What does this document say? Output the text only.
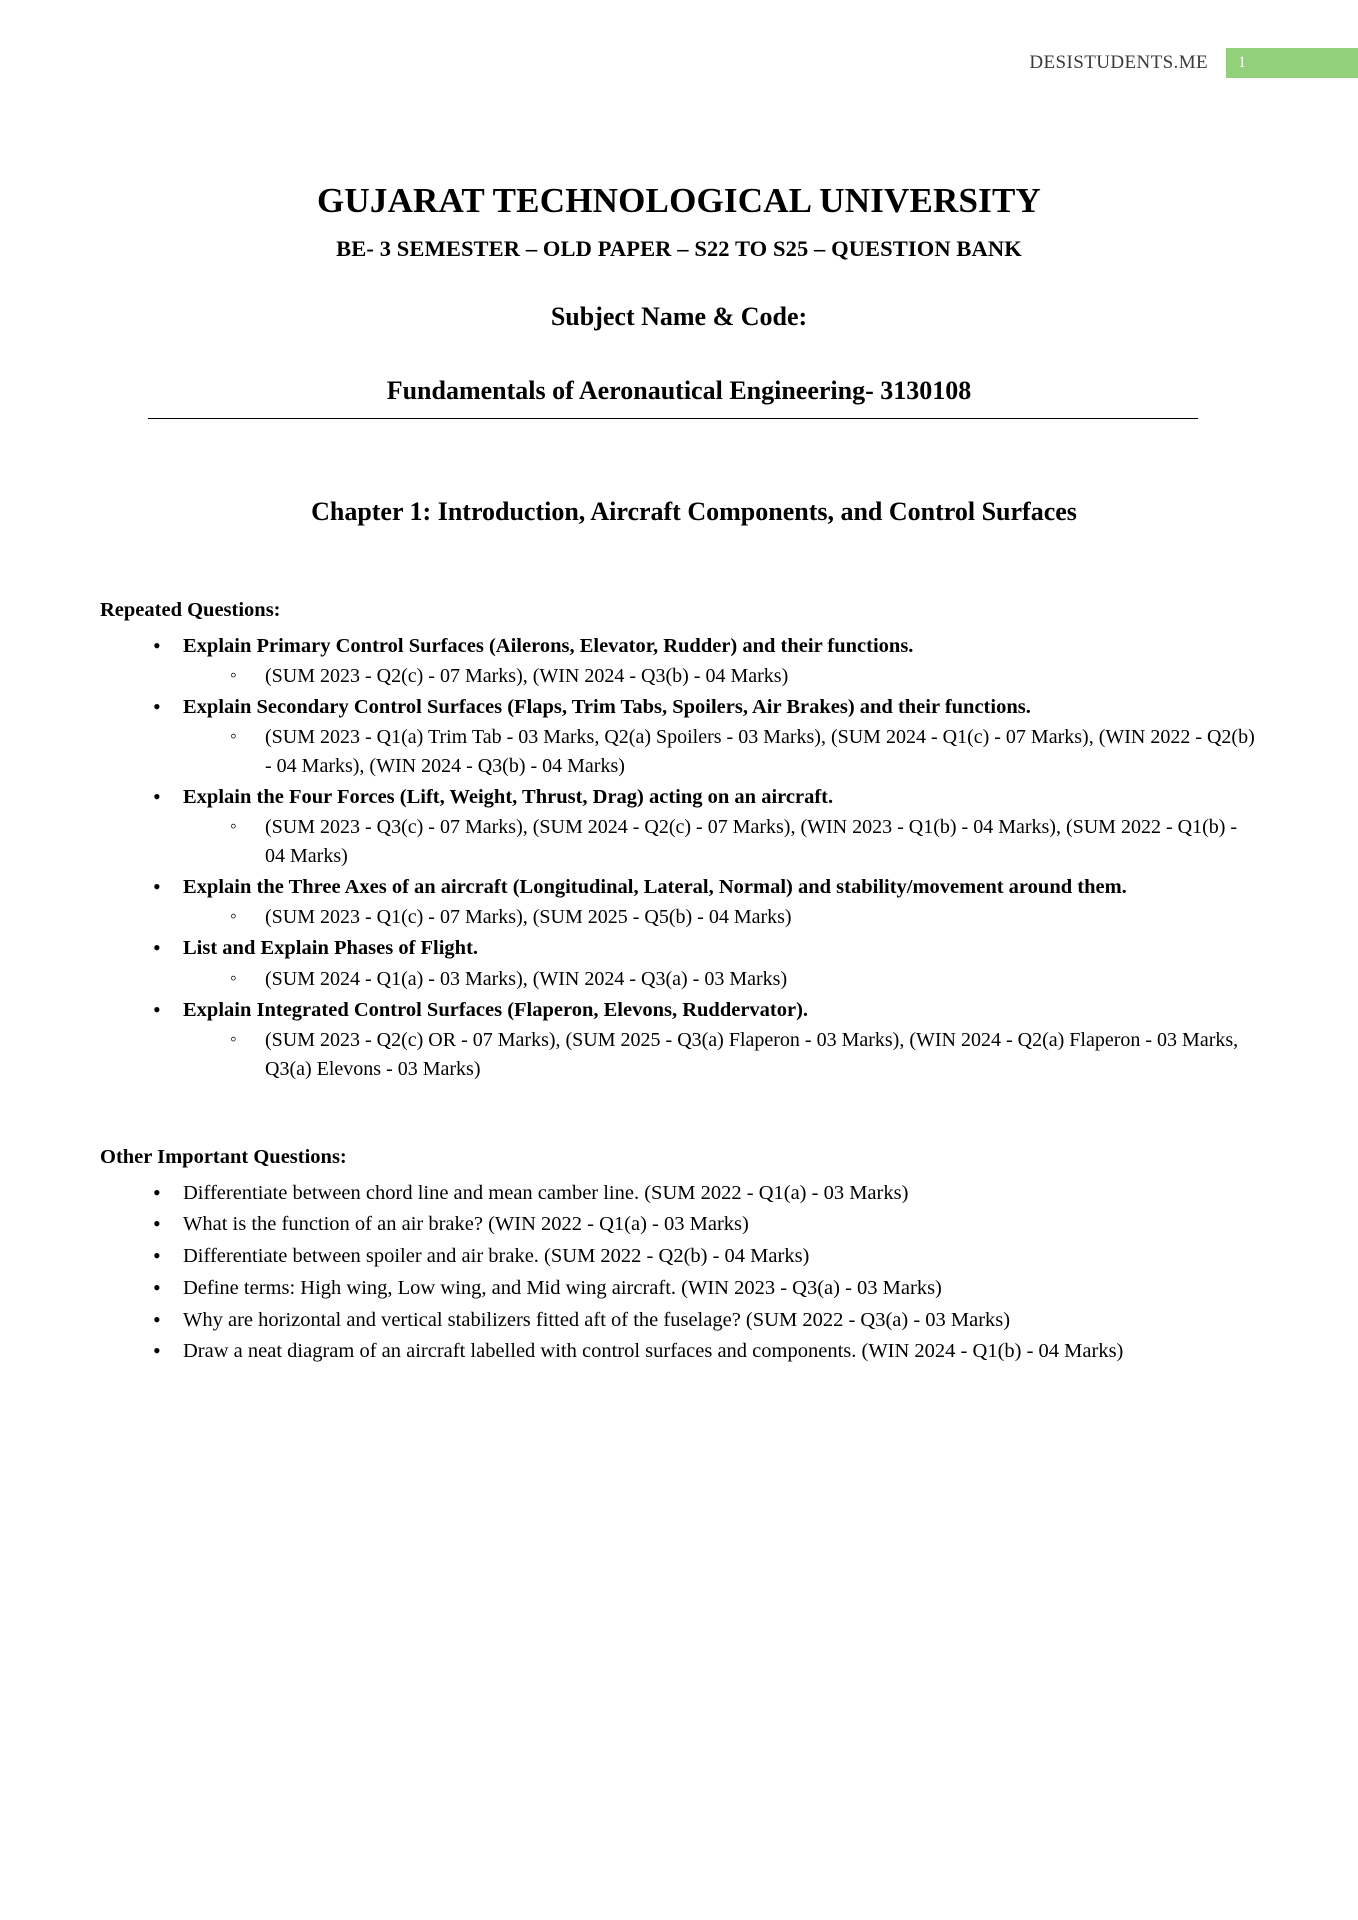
DESISTUDENTS.ME	1
GUJARAT TECHNOLOGICAL UNIVERSITY
BE- 3 SEMESTER – OLD PAPER – S22 TO S25 – QUESTION BANK
Subject Name & Code:
Fundamentals of Aeronautical Engineering- 3130108
Chapter 1: Introduction, Aircraft Components, and Control Surfaces
Repeated Questions:
• Explain Primary Control Surfaces (Ailerons, Elevator, Rudder) and their functions.
◦ (SUM 2023 - Q2(c) - 07 Marks), (WIN 2024 - Q3(b) - 04 Marks)
• Explain Secondary Control Surfaces (Flaps, Trim Tabs, Spoilers, Air Brakes) and their functions.
◦ (SUM 2023 - Q1(a) Trim Tab - 03 Marks, Q2(a) Spoilers - 03 Marks), (SUM 2024 - Q1(c) - 07 Marks), (WIN 2022 - Q2(b) - 04 Marks), (WIN 2024 - Q3(b) - 04 Marks)
• Explain the Four Forces (Lift, Weight, Thrust, Drag) acting on an aircraft.
◦ (SUM 2023 - Q3(c) - 07 Marks), (SUM 2024 - Q2(c) - 07 Marks), (WIN 2023 - Q1(b) - 04 Marks), (SUM 2022 - Q1(b) - 04 Marks)
• Explain the Three Axes of an aircraft (Longitudinal, Lateral, Normal) and stability/movement around them.
◦ (SUM 2023 - Q1(c) - 07 Marks), (SUM 2025 - Q5(b) - 04 Marks)
• List and Explain Phases of Flight.
◦ (SUM 2024 - Q1(a) - 03 Marks), (WIN 2024 - Q3(a) - 03 Marks)
• Explain Integrated Control Surfaces (Flaperon, Elevons, Ruddervator).
◦ (SUM 2023 - Q2(c) OR - 07 Marks), (SUM 2025 - Q3(a) Flaperon - 03 Marks), (WIN 2024 - Q2(a) Flaperon - 03 Marks, Q3(a) Elevons - 03 Marks)
Other Important Questions:
• Differentiate between chord line and mean camber line. (SUM 2022 - Q1(a) - 03 Marks)
• What is the function of an air brake? (WIN 2022 - Q1(a) - 03 Marks)
• Differentiate between spoiler and air brake. (SUM 2022 - Q2(b) - 04 Marks)
• Define terms: High wing, Low wing, and Mid wing aircraft. (WIN 2023 - Q3(a) - 03 Marks)
• Why are horizontal and vertical stabilizers fitted aft of the fuselage? (SUM 2022 - Q3(a) - 03 Marks)
• Draw a neat diagram of an aircraft labelled with control surfaces and components. (WIN 2024 - Q1(b) - 04 Marks)
